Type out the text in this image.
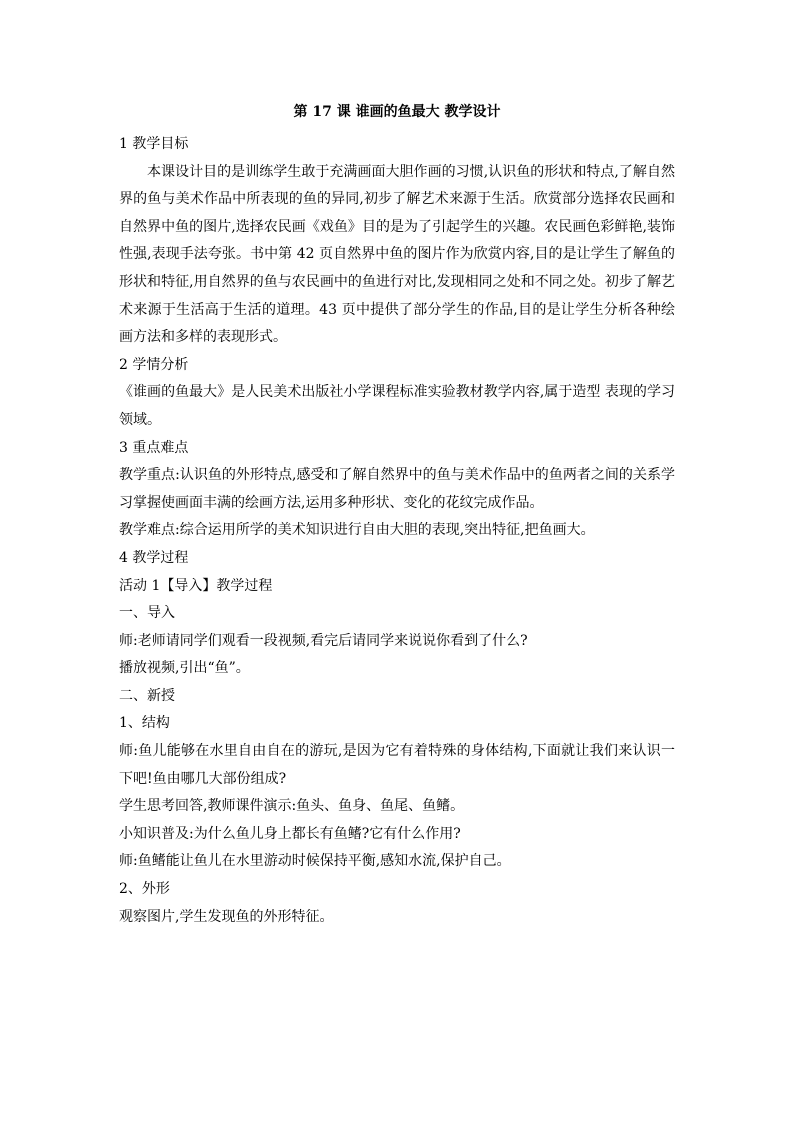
第 17 课 谁画的鱼最大 教学设计

1 教学目标

本课设计目的是训练学生敢于充满画面大胆作画的习惯,认识鱼的形状和特点,了解自然界的鱼与美术作品中所表现的鱼的异同,初步了解艺术来源于生活。欣赏部分选择农民画和自然界中鱼的图片,选择农民画《戏鱼》目的是为了引起学生的兴趣。农民画色彩鲜艳,装饰性强,表现手法夸张。书中第 42 页自然界中鱼的图片作为欣赏内容,目的是让学生了解鱼的形状和特征,用自然界的鱼与农民画中的鱼进行对比,发现相同之处和不同之处。初步了解艺术来源于生活高于生活的道理。43 页中提供了部分学生的作品,目的是让学生分析各种绘画方法和多样的表现形式。

2 学情分析

《谁画的鱼最大》是人民美术出版社小学课程标准实验教材教学内容,属于造型 表现的学习领域。

3 重点难点

教学重点:认识鱼的外形特点,感受和了解自然界中的鱼与美术作品中的鱼两者之间的关系学习掌握使画面丰满的绘画方法,运用多种形状、变化的花纹完成作品。

教学难点:综合运用所学的美术知识进行自由大胆的表现,突出特征,把鱼画大。

4 教学过程

活动 1【导入】教学过程

一、导入

师:老师请同学们观看一段视频,看完后请同学来说说你看到了什么?

播放视频,引出“鱼”。

二、新授

1、结构

师:鱼儿能够在水里自由自在的游玩,是因为它有着特殊的身体结构,下面就让我们来认识一下吧!鱼由哪几大部份组成?

学生思考回答,教师课件演示:鱼头、鱼身、鱼尾、鱼鳍。

小知识普及:为什么鱼儿身上都长有鱼鳍?它有什么作用?

师:鱼鳍能让鱼儿在水里游动时候保持平衡,感知水流,保护自己。

2、外形

观察图片,学生发现鱼的外形特征。
